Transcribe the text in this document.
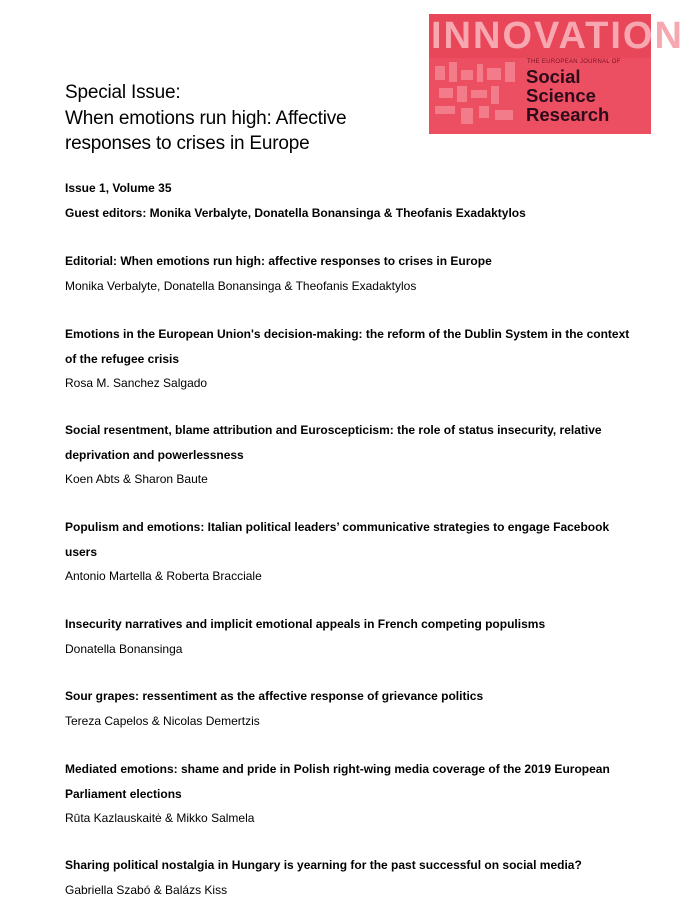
INNOVATION
THE EUROPEAN JOURNAL OF
Social
Science
Research
Special Issue:
When emotions run high: Affective
responses to crises in Europe
Issue 1, Volume 35
Guest editors: Monika Verbalyte, Donatella Bonansinga & Theofanis Exadaktylos
Editorial: When emotions run high: affective responses to crises in Europe
Monika Verbalyte, Donatella Bonansinga & Theofanis Exadaktylos
Emotions in the European Union's decision-making: the reform of the Dublin System in the context of the refugee crisis
Rosa M. Sanchez Salgado
Social resentment, blame attribution and Euroscepticism: the role of status insecurity, relative deprivation and powerlessness
Koen Abts & Sharon Baute
Populism and emotions: Italian political leaders’ communicative strategies to engage Facebook users
Antonio Martella & Roberta Bracciale
Insecurity narratives and implicit emotional appeals in French competing populisms
Donatella Bonansinga
Sour grapes: ressentiment as the affective response of grievance politics
Tereza Capelos & Nicolas Demertzis
Mediated emotions: shame and pride in Polish right-wing media coverage of the 2019 European Parliament elections
Rūta Kazlauskaitė & Mikko Salmela
Sharing political nostalgia in Hungary is yearning for the past successful on social media?
Gabriella Szabó & Balázs Kiss
